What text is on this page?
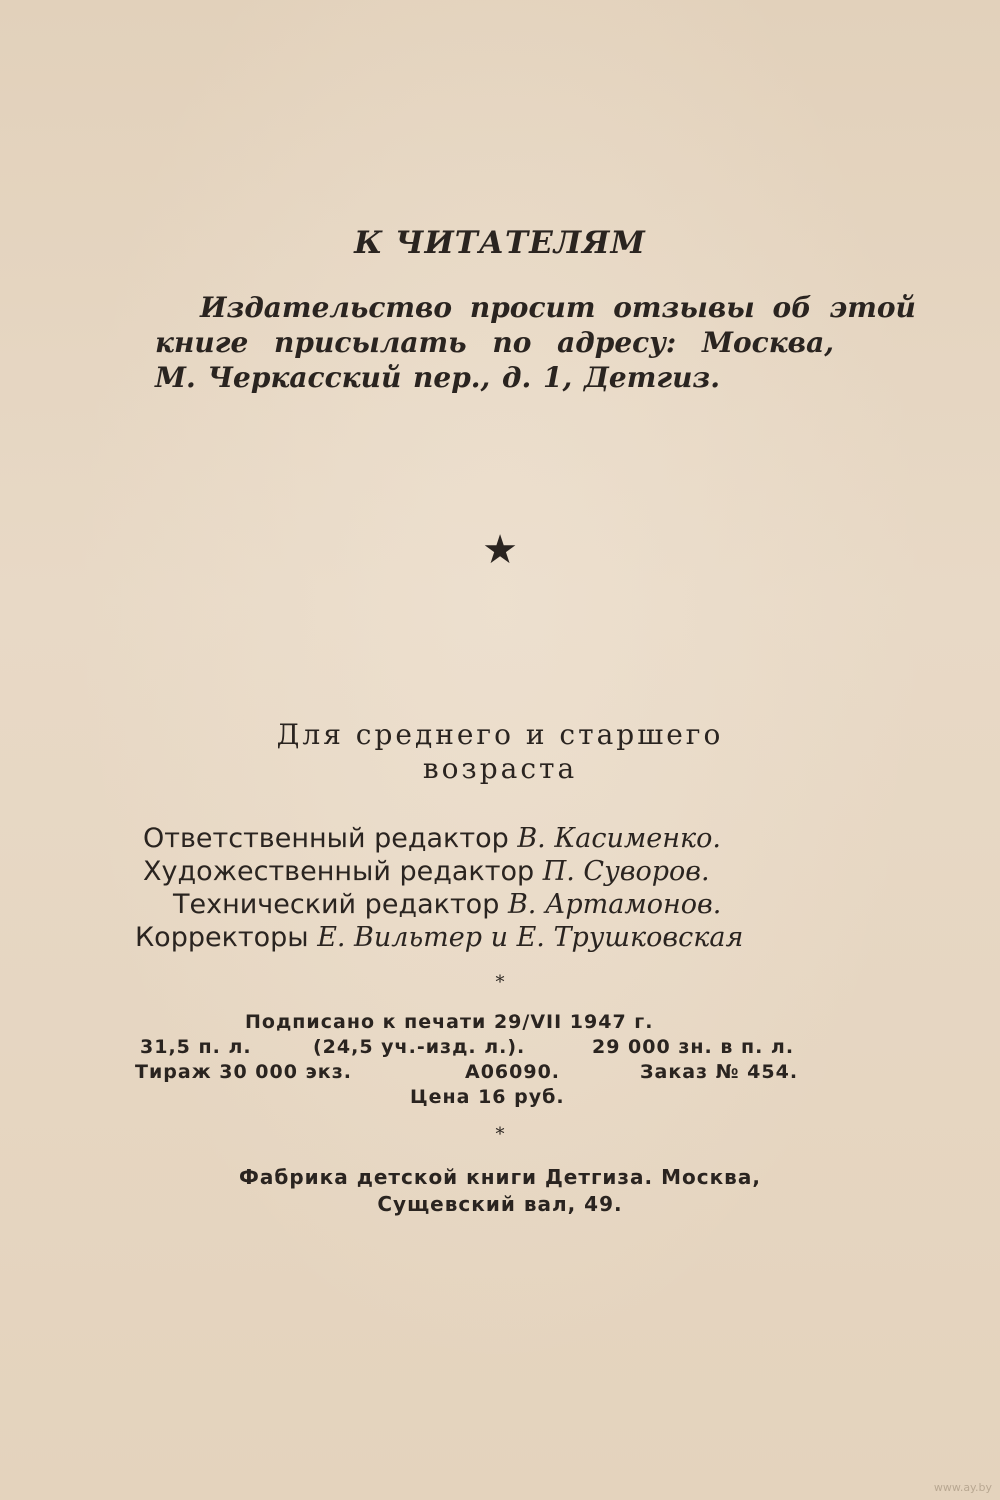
К ЧИТАТЕЛЯМ
Издательство просит отзывы об этой
книге присылать по адресу: Москва,
М. Черкасский пер., д. 1, Детгиз.
★
Для среднего и старшего
возраста
Ответственный редактор В. Касименко.
Художественный редактор П. Суворов.
Технический редактор В. Артамонов.
Корректоры Е. Вильтер и Е. Трушковская
*
Подписано к печати 29/VII 1947 г.
31,5 п. л.	(24,5 уч.-изд. л.).	29 000 зн. в п. л.
Тираж 30 000 экз.	А06090.	Заказ № 454.
Цена 16 руб.
*
Фабрика детской книги Детгиза. Москва,
Сущевский вал, 49.
www.ay.by
